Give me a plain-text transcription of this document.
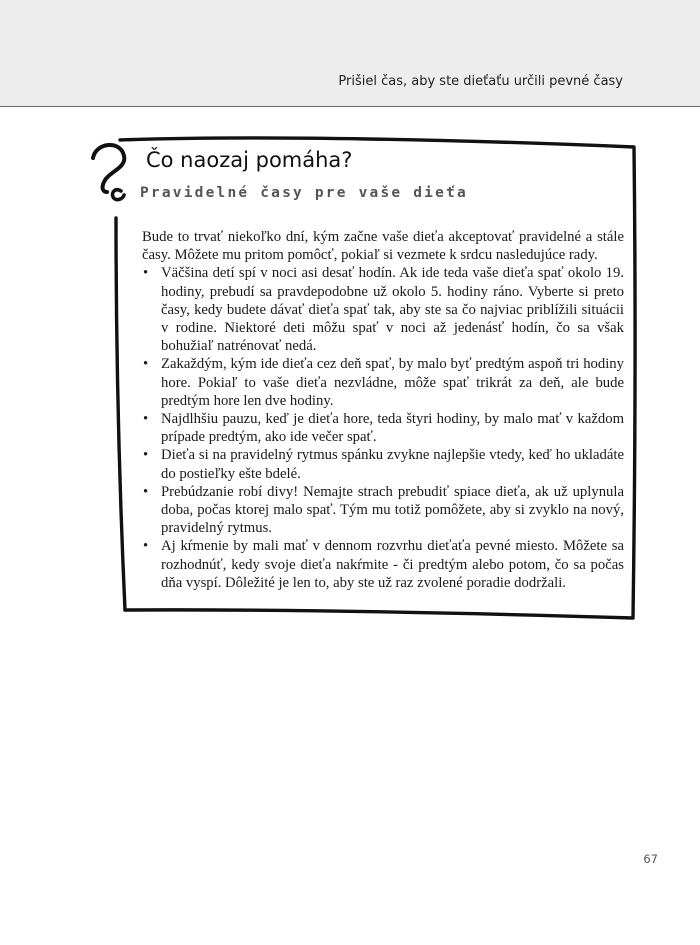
Prišiel čas, aby ste dieťaťu určili pevné časy
Čo naozaj pomáha?
Pravidelné časy pre vaše dieťa

Bude to trvať niekoľko dní, kým začne vaše dieťa akceptovať pravidelné a stále časy. Môžete mu pritom pomôcť, pokiaľ si vezmete k srdcu nasledujúce rady.

• Väčšina detí spí v noci asi desať hodín. Ak ide teda vaše dieťa spať okolo 19. hodiny, prebudí sa pravdepodobne už okolo 5. hodiny ráno. Vyberte si preto časy, kedy budete dávať dieťa spať tak, aby ste sa čo najviac priblížili situácii v rodine. Niektoré deti môžu spať v noci až jedenásť hodín, čo sa však bohužiaľ natrénovať nedá.
• Zakaždým, kým ide dieťa cez deň spať, by malo byť predtým aspoň tri hodiny hore. Pokiaľ to vaše dieťa nezvládne, môže spať trikrát za deň, ale bude predtým hore len dve hodiny.
• Najdlhšiu pauzu, keď je dieťa hore, teda štyri hodiny, by malo mať v každom prípade predtým, ako ide večer spať.
• Dieťa si na pravidelný rytmus spánku zvykne najlepšie vtedy, keď ho ukladáte do postieľky ešte bdelé.
• Prebúdzanie robí divy! Nemajte strach prebudiť spiace dieťa, ak už uplynula doba, počas ktorej malo spať. Tým mu totiž pomôžete, aby si zvyklo na nový, pravidelný rytmus.
• Aj kŕmenie by mali mať v dennom rozvrhu dieťaťa pevné miesto. Môžete sa rozhodnúť, kedy svoje dieťa nakŕmite - či predtým alebo potom, čo sa počas dňa vyspí. Dôležité je len to, aby ste už raz zvolené poradie dodržali.
67
